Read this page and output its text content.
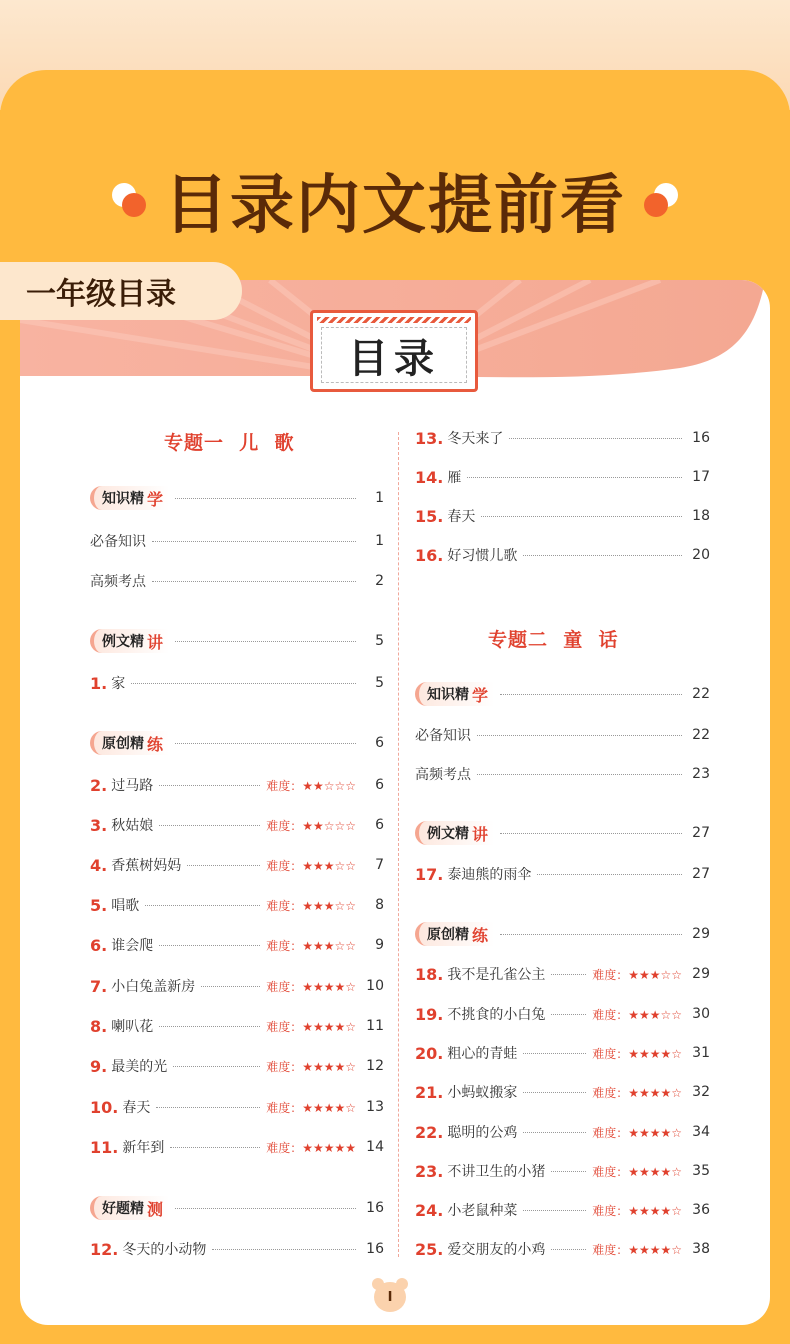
目录内文提前看
一年级目录
目录
专题一  儿  歌
专题二  童  话
知识精 学	1
必备知识	1
高频考点	2
例文精 讲	5
1. 家	5
原创精 练	6
2. 过马路	难度：★★☆☆☆	6
3. 秋姑娘	难度：★★☆☆☆	6
4. 香蕉树妈妈	难度：★★★☆☆	7
5. 唱歌	难度：★★★☆☆	8
6. 谁会爬	难度：★★★☆☆	9
7. 小白兔盖新房	难度：★★★★☆ 10
8. 喇叭花	难度：★★★★☆ 11
9. 最美的光	难度：★★★★☆ 12
10. 春天	难度：★★★★☆ 13
11. 新年到	难度：★★★★★ 14
好题精 测	16
12. 冬天的小动物	16
13. 冬天来了	16
14. 雁	17
15. 春天	18
16. 好习惯儿歌	20
知识精 学	22
必备知识	22
高频考点	23
例文精 讲	27
17. 泰迪熊的雨伞	27
原创精 练	29
18. 我不是孔雀公主	难度：★★★☆☆ 29
19. 不挑食的小白兔	难度：★★★☆☆ 30
20. 粗心的青蛙	难度：★★★★☆ 31
21. 小蚂蚁搬家	难度：★★★★☆ 32
22. 聪明的公鸡	难度：★★★★☆ 34
23. 不讲卫生的小猪	难度：★★★★☆ 35
24. 小老鼠种菜	难度：★★★★☆ 36
25. 爱交朋友的小鸡	难度：★★★★☆ 38
I
